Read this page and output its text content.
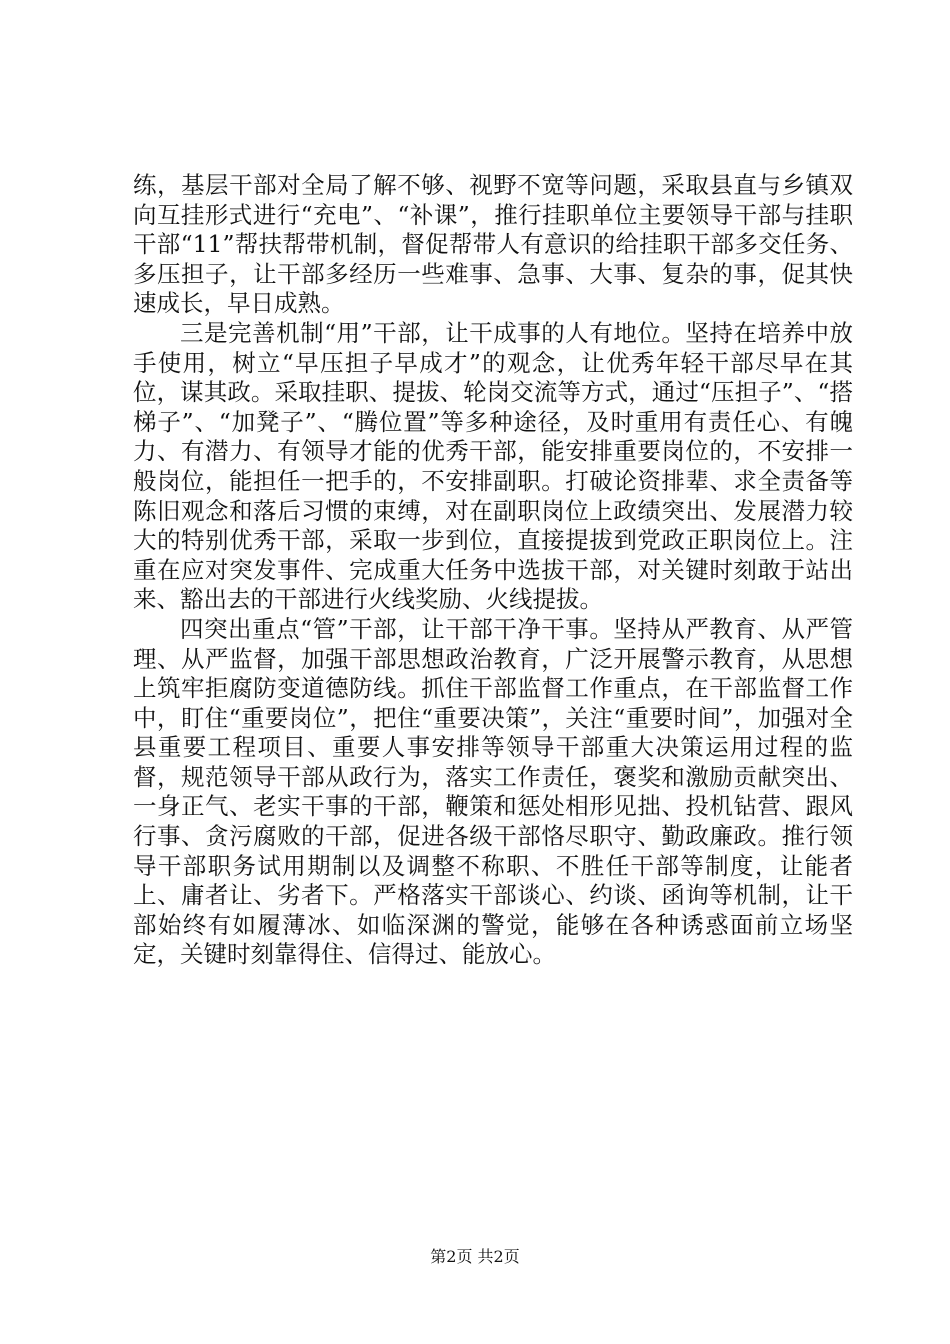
练，基层干部对全局了解不够、视野不宽等问题，采取县直与乡镇双向互挂形式进行“充电”、“补课”，推行挂职单位主要领导干部与挂职干部“11”帮扶帮带机制，督促帮带人有意识的给挂职干部多交任务、多压担子，让干部多经历一些难事、急事、大事、复杂的事，促其快速成长，早日成熟。

三是完善机制“用”干部，让干成事的人有地位。坚持在培养中放手使用，树立“早压担子早成才”的观念，让优秀年轻干部尽早在其位，谋其政。采取挂职、提拔、轮岗交流等方式，通过“压担子”、“搭梯子”、“加凳子”、“腾位置”等多种途径，及时重用有责任心、有魄力、有潜力、有领导才能的优秀干部，能安排重要岗位的，不安排一般岗位，能担任一把手的，不安排副职。打破论资排辈、求全责备等陈旧观念和落后习惯的束缚，对在副职岗位上政绩突出、发展潜力较大的特别优秀干部，采取一步到位，直接提拔到党政正职岗位上。注重在应对突发事件、完成重大任务中选拔干部，对关键时刻敢于站出来、豁出去的干部进行火线奖励、火线提拔。

四突出重点“管”干部，让干部干净干事。坚持从严教育、从严管理、从严监督，加强干部思想政治教育，广泛开展警示教育，从思想上筑牢拒腐防变道德防线。抓住干部监督工作重点，在干部监督工作中，盯住“重要岗位”，把住“重要决策”，关注“重要时间”，加强对全县重要工程项目、重要人事安排等领导干部重大决策运用过程的监督，规范领导干部从政行为，落实工作责任，褒奖和激励贡献突出、一身正气、老实干事的干部，鞭策和惩处相形见拙、投机钻营、跟风行事、贪污腐败的干部，促进各级干部恪尽职守、勤政廉政。推行领导干部职务试用期制以及调整不称职、不胜任干部等制度，让能者上、庸者让、劣者下。严格落实干部谈心、约谈、函询等机制，让干部始终有如履薄冰、如临深渊的警觉，能够在各种诱惑面前立场坚定，关键时刻靠得住、信得过、能放心。

第2页 共2页
